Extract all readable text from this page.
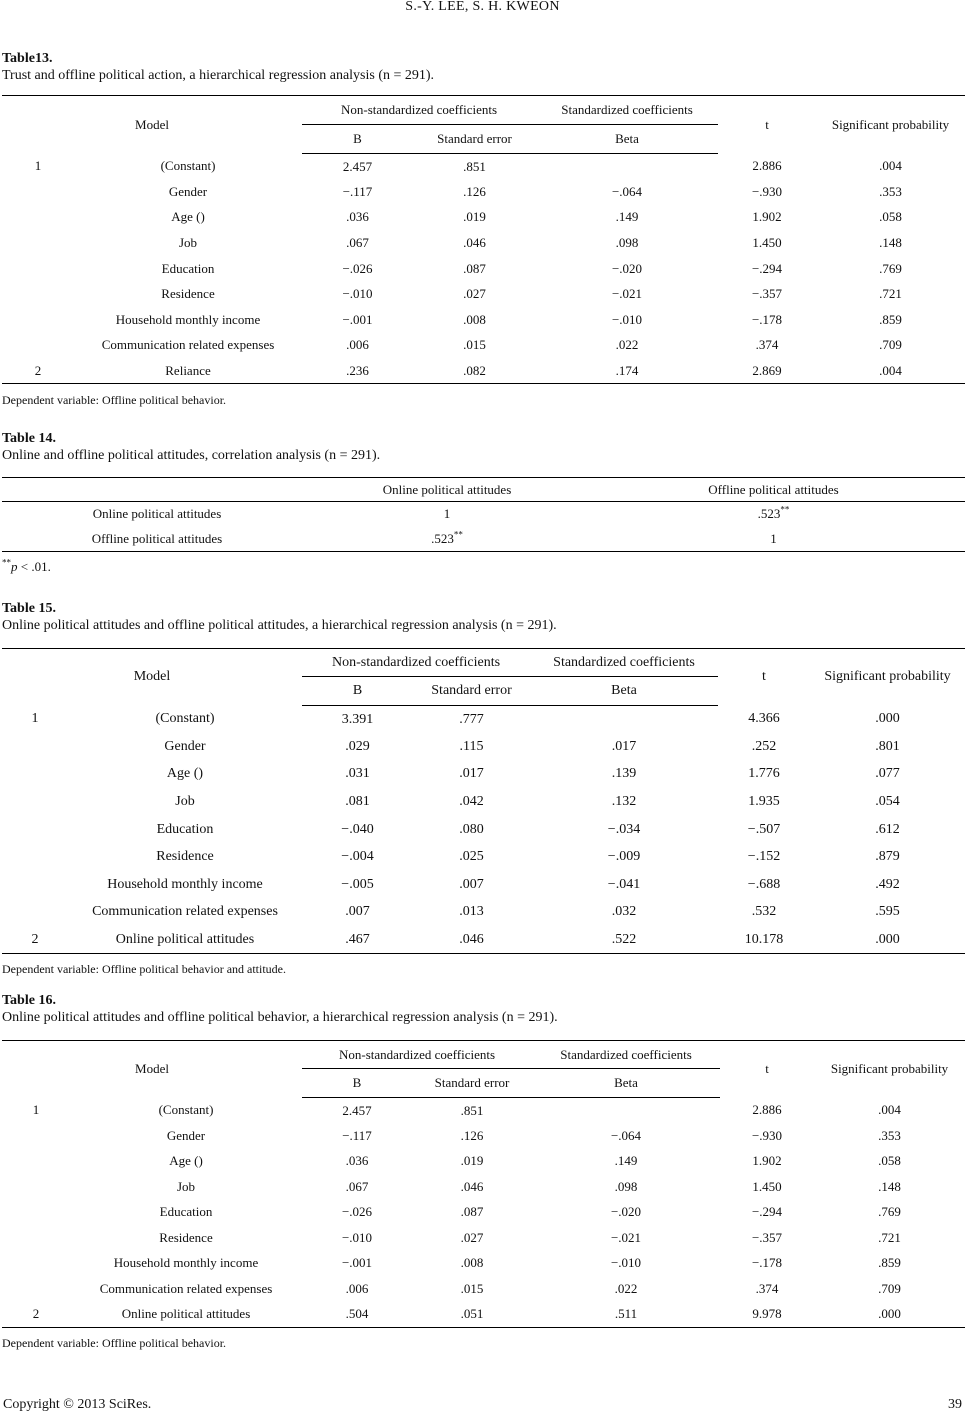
S.-Y. LEE, S. H. KWEON
Table13.
Trust and offline political action, a hierarchical regression analysis (n = 291).
Model		Non-standardized coefficients		Standardized coefficients	t	Significant probability
		B	Standard error	Beta		
1	(Constant)	2.457	.851		2.886	.004
	Gender	−.117	.126	−.064	−.930	.353
	Age ()	.036	.019	.149	1.902	.058
	Job	.067	.046	.098	1.450	.148
	Education	−.026	.087	−.020	−.294	.769
	Residence	−.010	.027	−.021	−.357	.721
	Household monthly income	−.001	.008	−.010	−.178	.859
	Communication related expenses	.006	.015	.022	.374	.709
2	Reliance	.236	.082	.174	2.869	.004
Dependent variable: Offline political behavior.
Table 14.
Online and offline political attitudes, correlation analysis (n = 291).
	Online political attitudes	Offline political attitudes
Online political attitudes	1	.523**
Offline political attitudes	.523**	1
**p < .01.
Table 15.
Online political attitudes and offline political attitudes, a hierarchical regression analysis (n = 291).
Model		Non-standardized coefficients		Standardized coefficients	t	Significant probability
		B	Standard error	Beta		
1	(Constant)	3.391	.777		4.366	.000
	Gender	.029	.115	.017	.252	.801
	Age ()	.031	.017	.139	1.776	.077
	Job	.081	.042	.132	1.935	.054
	Education	−.040	.080	−.034	−.507	.612
	Residence	−.004	.025	−.009	−.152	.879
	Household monthly income	−.005	.007	−.041	−.688	.492
	Communication related expenses	.007	.013	.032	.532	.595
2	Online political attitudes	.467	.046	.522	10.178	.000
Dependent variable: Offline political behavior and attitude.
Table 16.
Online political attitudes and offline political behavior, a hierarchical regression analysis (n = 291).
Model		Non-standardized coefficients		Standardized coefficients	t	Significant probability
		B	Standard error	Beta		
1	(Constant)	2.457	.851		2.886	.004
	Gender	−.117	.126	−.064	−.930	.353
	Age ()	.036	.019	.149	1.902	.058
	Job	.067	.046	.098	1.450	.148
	Education	−.026	.087	−.020	−.294	.769
	Residence	−.010	.027	−.021	−.357	.721
	Household monthly income	−.001	.008	−.010	−.178	.859
	Communication related expenses	.006	.015	.022	.374	.709
2	Online political attitudes	.504	.051	.511	9.978	.000
Dependent variable: Offline political behavior.
Copyright © 2013 SciRes.	39
